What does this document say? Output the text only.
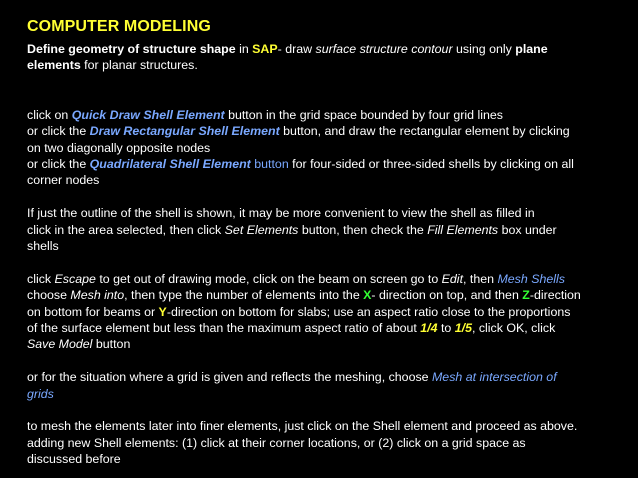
COMPUTER MODELING

Define geometry of structure shape in SAP- draw surface structure contour using only plane
elements for planar structures.

click on Quick Draw Shell Element button in the grid space bounded by four grid lines
or click the Draw Rectangular Shell Element button, and draw the rectangular element by clicking
on two diagonally opposite nodes
or click the Quadrilateral Shell Element button for four-sided or three-sided shells by clicking on all
corner nodes

If just the outline of the shell is shown, it may be more convenient to view the shell as filled in
click in the area selected, then click Set Elements button, then check the Fill Elements box under
shells

click Escape to get out of drawing mode, click on the beam on screen go to Edit, then Mesh Shells
choose Mesh into, then type the number of elements into the X- direction on top, and then Z-direction
on bottom for beams or Y-direction on bottom for slabs; use an aspect ratio close to the proportions
of the surface element but less than the maximum aspect ratio of about 1/4 to 1/5, click OK, click
Save Model button

or for the situation where a grid is given and reflects the meshing, choose Mesh at intersection of
grids

to mesh the elements later into finer elements, just click on the Shell element and proceed as above.
adding new Shell elements: (1) click at their corner locations, or (2) click on a grid space as
discussed before
